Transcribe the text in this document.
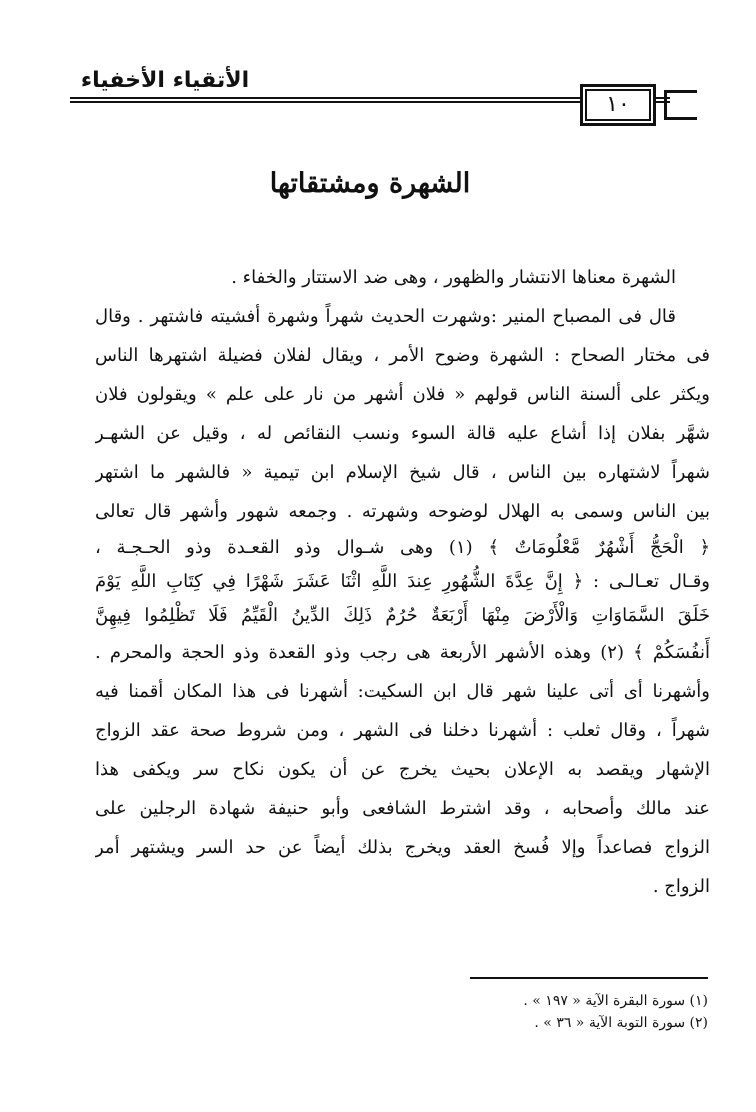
الأتقياء الأخفياء
١٠
الشهرة ومشتقاتها
الشهرة معناها الانتشار والظهور ، وهى ضد الاستتار والخفاء .
قال فى المصباح المنير :وشهرت الحديث شهراً وشهرة أفشيته فاشتهر . وقال
فى مختار الصحاح : الشهرة وضوح الأمر ، ويقال لفلان فضيلة اشتهرها الناس
ويكثر على ألسنة الناس قولهم « فلان أشهر من نار على علم » ويقولون فلان
شهَّر بفلان إذا أشاع عليه قالة السوء ونسب النقائص له ، وقيل عن الشهـر
شهراً لاشتهاره بين الناس ، قال شيخ الإسلام ابن تيمية « فالشهر ما اشتهر
بين الناس وسمى به الهلال لوضوحه وشهرته . وجمعه شهور وأشهر قال تعالى
﴿ الْحَجُّ أَشْهُرٌ مَّعْلُومَاتٌ ﴾ (١) وهى شـوال وذو القعـدة وذو الحـجـة ،
وقـال تعـالـى : ﴿ إِنَّ عِدَّةَ الشُّهُورِ عِندَ اللَّهِ اثْنَا عَشَرَ شَهْرًا فِي كِتَابِ اللَّهِ يَوْمَ
خَلَقَ السَّمَاوَاتِ وَالْأَرْضَ مِنْهَا أَرْبَعَةٌ حُرُمٌ ذَلِكَ الدِّينُ الْقَيِّمُ فَلَا تَظْلِمُوا فِيهِنَّ
أَنفُسَكُمْ ﴾ (٢) وهذه الأشهر الأربعة هى رجب وذو القعدة وذو الحجة والمحرم .
وأشهرنا أى أتى علينا شهر قال ابن السكيت: أشهرنا فى هذا المكان أقمنا فيه
شهراً ، وقال ثعلب : أشهرنا دخلنا فى الشهر ، ومن شروط صحة عقد الزواج
الإشهار ويقصد به الإعلان بحيث يخرج عن أن يكون نكاح سر ويكفى هذا
عند مالك وأصحابه ، وقد اشترط الشافعى وأبو حنيفة شهادة الرجلين على
الزواج فصاعداً وإلا فُسخ العقد ويخرج بذلك أيضاً عن حد السر ويشتهر أمر
الزواج .
(١) سورة البقرة الآية « ١٩٧ » .
(٢) سورة التوبة الآية « ٣٦ » .
